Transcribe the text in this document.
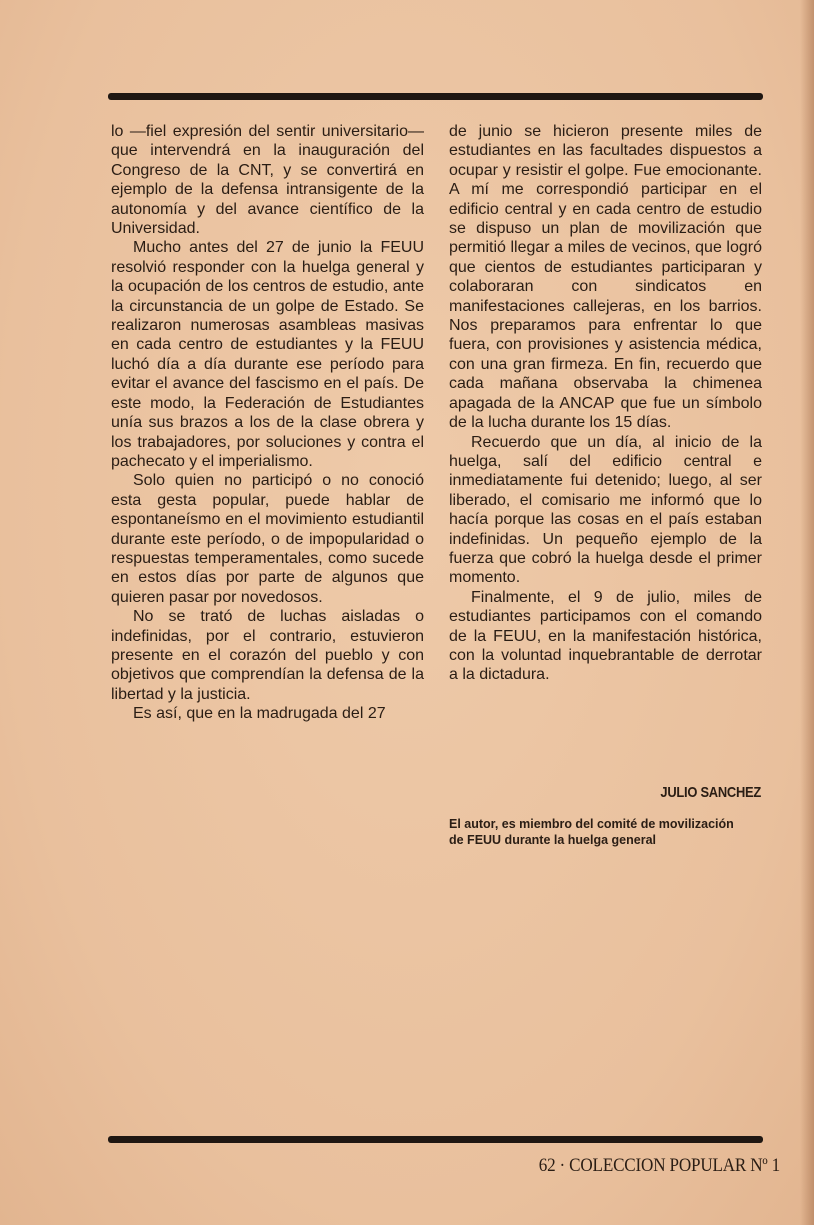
lo —fiel expresión del sentir universitario— que intervendrá en la inauguración del Congreso de la CNT, y se convertirá en ejemplo de la defensa intransigente de la autonomía y del avance científico de la Universidad.

Mucho antes del 27 de junio la FEUU resolvió responder con la huelga general y la ocupación de los centros de estudio, ante la circunstancia de un golpe de Estado. Se realizaron numerosas asambleas masivas en cada centro de estudiantes y la FEUU luchó día a día durante ese período para evitar el avance del fascismo en el país. De este modo, la Federación de Estudiantes unía sus brazos a los de la clase obrera y los trabajadores, por soluciones y contra el pachecato y el imperialismo.

Solo quien no participó o no conoció esta gesta popular, puede hablar de espontaneísmo en el movimiento estudiantil durante este período, o de impopularidad o respuestas temperamentales, como sucede en estos días por parte de algunos que quieren pasar por novedosos.

No se trató de luchas aisladas o indefinidas, por el contrario, estuvieron presente en el corazón del pueblo y con objetivos que comprendían la defensa de la libertad y la justicia.

Es así, que en la madrugada del 27

de junio se hicieron presente miles de estudiantes en las facultades dispuestos a ocupar y resistir el golpe. Fue emocionante. A mí me correspondió participar en el edificio central y en cada centro de estudio se dispuso un plan de movilización que permitió llegar a miles de vecinos, que logró que cientos de estudiantes participaran y colaboraran con sindicatos en manifestaciones callejeras, en los barrios. Nos preparamos para enfrentar lo que fuera, con provisiones y asistencia médica, con una gran firmeza. En fin, recuerdo que cada mañana observaba la chimenea apagada de la ANCAP que fue un símbolo de la lucha durante los 15 días.

Recuerdo que un día, al inicio de la huelga, salí del edificio central e inmediatamente fui detenido; luego, al ser liberado, el comisario me informó que lo hacía porque las cosas en el país estaban indefinidas. Un pequeño ejemplo de la fuerza que cobró la huelga desde el primer momento.

Finalmente, el 9 de julio, miles de estudiantes participamos con el comando de la FEUU, en la manifestación histórica, con la voluntad inquebrantable de derrotar a la dictadura.

JULIO SANCHEZ
El autor, es miembro del comité de movilización de FEUU durante la huelga general
62 · COLECCION POPULAR Nº 1
